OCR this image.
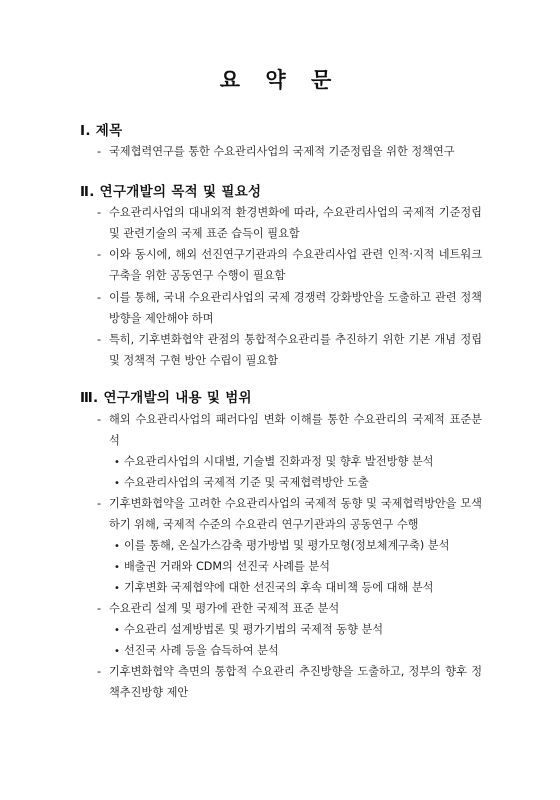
요 약 문
Ⅰ. 제목
- 국제협력연구를 통한 수요관리사업의 국제적 기준정립을 위한 정책연구
Ⅱ. 연구개발의 목적 및 필요성
- 수요관리사업의 대내외적 환경변화에 따라, 수요관리사업의 국제적 기준정립 및 관련기술의 국제 표준 습득이 필요함
- 이와 동시에, 해외 선진연구기관과의 수요관리사업 관련 인적·지적 네트워크 구축을 위한 공동연구 수행이 필요함
- 이를 통해, 국내 수요관리사업의 국제 경쟁력 강화방안을 도출하고 관련 정책방향을 제안해야 하며
- 특히, 기후변화협약 관점의 통합적수요관리를 추진하기 위한 기본 개념 정립 및 정책적 구현 방안 수립이 필요함
Ⅲ. 연구개발의 내용 및 범위
- 해외 수요관리사업의 패러다임 변화 이해를 통한 수요관리의 국제적 표준분석
• 수요관리사업의 시대별, 기술별 진화과정 및 향후 발전방향 분석
• 수요관리사업의 국제적 기준 및 국제협력방안 도출
- 기후변화협약을 고려한 수요관리사업의 국제적 동향 및 국제협력방안을 모색하기 위해, 국제적 수준의 수요관리 연구기관과의 공동연구 수행
• 이를 통해, 온실가스감축 평가방법 및 평가모형(정보체계구축) 분석
• 배출권 거래와 CDM의 선진국 사례를 분석
• 기후변화 국제협약에 대한 선진국의 후속 대비책 등에 대해 분석
- 수요관리 설계 및 평가에 관한 국제적 표준 분석
• 수요관리 설계방법론 및 평가기법의 국제적 동향 분석
• 선진국 사례 등을 습득하여 분석
- 기후변화협약 측면의 통합적 수요관리 추진방향을 도출하고, 정부의 향후 정책추진방향 제안
